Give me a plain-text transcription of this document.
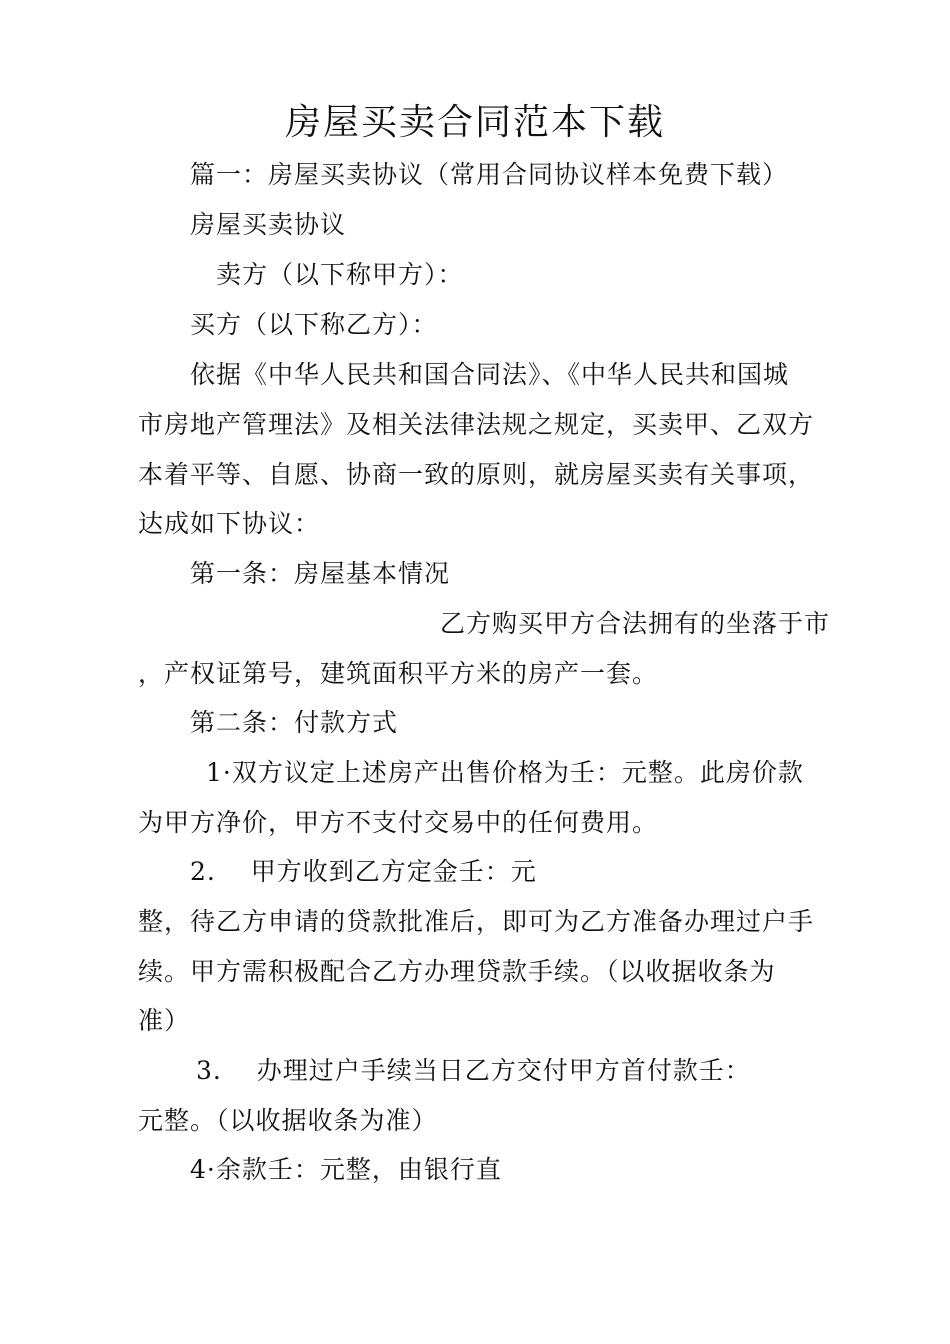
房屋买卖合同范本下载
篇一：房屋买卖协议（常用合同协议样本免费下载）
房屋买卖协议
卖方（以下称甲方）：
买方（以下称乙方）：
依据《中华人民共和国合同法》、《中华人民共和国城
市房地产管理法》及相关法律法规之规定，买卖甲、乙双方
本着平等、自愿、协商一致的原则，就房屋买卖有关事项，
达成如下协议：
第一条：房屋基本情况
乙方购买甲方合法拥有的坐落于市
，产权证第号，建筑面积平方米的房产一套。
第二条：付款方式
1·双方议定上述房产出售价格为壬：元整。此房价款
为甲方净价，甲方不支付交易中的任何费用。
2.　 甲方收到乙方定金壬：元
整，待乙方申请的贷款批准后，即可为乙方准备办理过户手
续。甲方需积极配合乙方办理贷款手续。（以收据收条为
准）
3.　 办理过户手续当日乙方交付甲方首付款壬：
元整。（以收据收条为准）
4·余款壬：元整，由银行直
